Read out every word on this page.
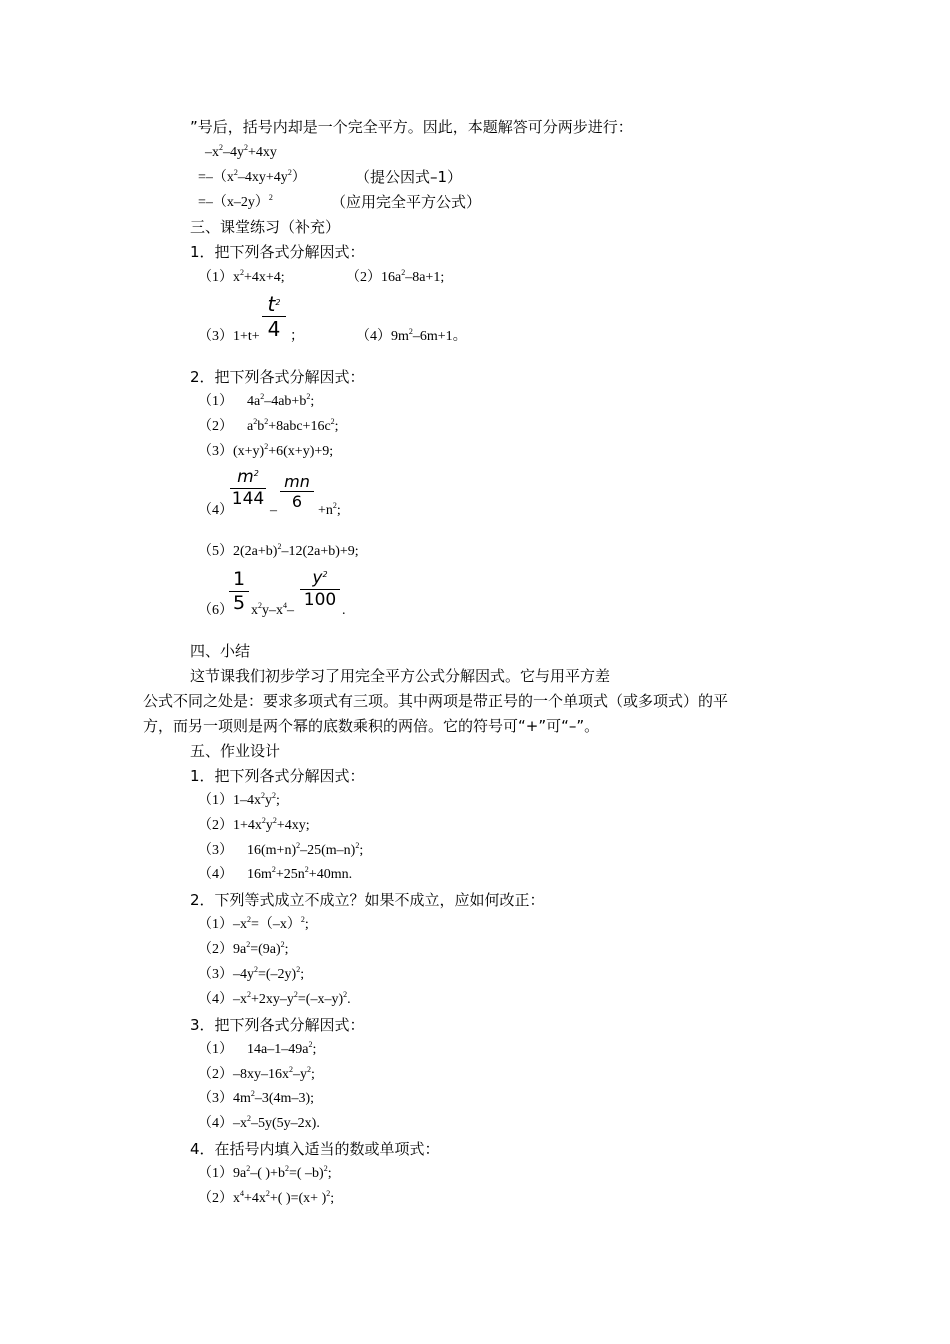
”号后，括号内却是一个完全平方。因此，本题解答可分两步进行：
$-x^2-4y^2+4xy$
$=-(x^2-4xy+4y^2)$	（提公因式–1）
$=-(x-2y)^2$	（应用完全平方公式）
三、课堂练习（补充）
1．把下列各式分解因式：
$(1)x^2+4x+4$;	$(2)16a^2-8a+1$;
$(3)1+t+ \frac{t^2}{4}$ ；	$(4)9m^2-6m+1$。
2．把下列各式分解因式：
（1） $4a^2-4ab+b^2$;
（2） $a^2b^2+8abc+16c^2$;
$(3)(x+y)^2+6(x+y)+9$;
（4）
$\frac{m^2}{144}$
– $\frac{mn}{6} +n^2$;
$(5)2(2a+b)^2-12(2a+b)+9$;
（6）
$\frac{1}{5} x^2y-x^4- \frac{y^2}{100}$ .
四、小结
这节课我们初步学习了用完全平方公式分解因式。它与用平方差
公式不同之处是：要求多项式有三项。其中两项是带正号的一个单项式（或多项式）的平
方，而另一项则是两个幂的底数乘积的两倍。它的符号可“+”可“–”。
五、作业设计
1．把下列各式分解因式：
$(1)1-4x^2y^2$;
$(2)1+4x^2y^2+4xy$;
（3） $16(m+n)^2-25(m-n)^2$;
（4） $16m^2+25n^2+40mn$.
2．下列等式成立不成立？如果不成立，应如何改正：
$(1)-x^2=(-x)^2$;
$(2)9a^2=(9a)^2$;
$(3)-4y^2=(-2y)^2$;
$(4)-x^2+2xy-y^2=(-x-y)^2$.
3．把下列各式分解因式：
（1） $14a-1-49a^2$;
$(2)-8xy-16x^2-y^2$;
$(3)4m^2-3(4m-3)$;
$(4)-x^2-5y(5y-2x)$.
4．在括号内填入适当的数或单项式：
$(1)9a^2-$( )$+b^2=$( –b)$^2$;
$(2)x^4+4x^2+$( )$=(x+ )^2$;
